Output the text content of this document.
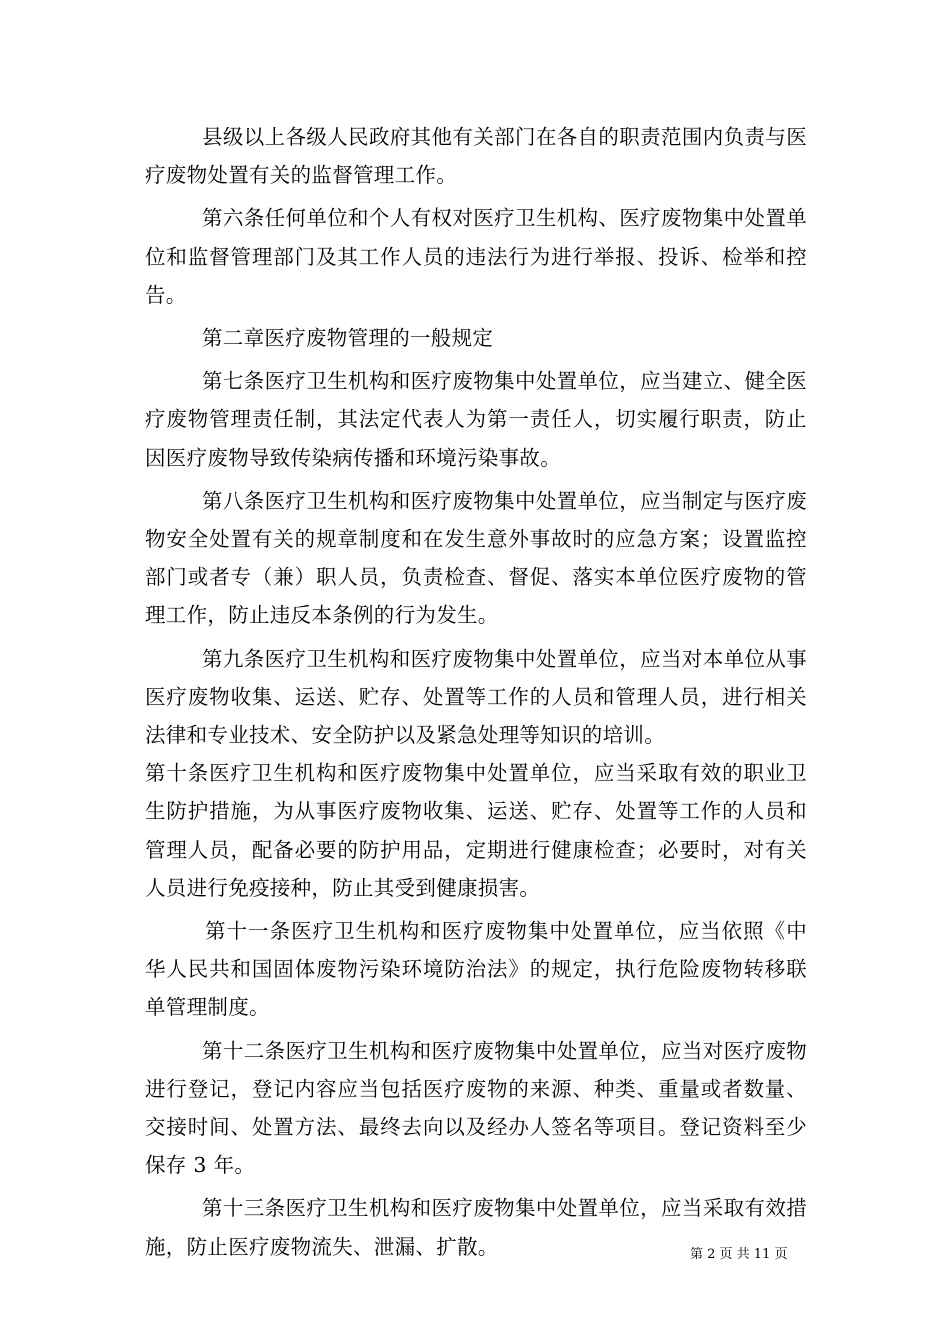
县级以上各级人民政府其他有关部门在各自的职责范围内负责与医疗废物处置有关的监督管理工作。

第六条任何单位和个人有权对医疗卫生机构、医疗废物集中处置单位和监督管理部门及其工作人员的违法行为进行举报、投诉、检举和控告。

第二章医疗废物管理的一般规定

第七条医疗卫生机构和医疗废物集中处置单位，应当建立、健全医疗废物管理责任制，其法定代表人为第一责任人，切实履行职责，防止因医疗废物导致传染病传播和环境污染事故。

第八条医疗卫生机构和医疗废物集中处置单位，应当制定与医疗废物安全处置有关的规章制度和在发生意外事故时的应急方案；设置监控部门或者专（兼）职人员，负责检查、督促、落实本单位医疗废物的管理工作，防止违反本条例的行为发生。

第九条医疗卫生机构和医疗废物集中处置单位，应当对本单位从事医疗废物收集、运送、贮存、处置等工作的人员和管理人员，进行相关法律和专业技术、安全防护以及紧急处理等知识的培训。

第十条医疗卫生机构和医疗废物集中处置单位，应当采取有效的职业卫生防护措施，为从事医疗废物收集、运送、贮存、处置等工作的人员和管理人员，配备必要的防护用品，定期进行健康检查；必要时，对有关人员进行免疫接种，防止其受到健康损害。

第十一条医疗卫生机构和医疗废物集中处置单位，应当依照《中华人民共和国固体废物污染环境防治法》的规定，执行危险废物转移联单管理制度。

第十二条医疗卫生机构和医疗废物集中处置单位，应当对医疗废物进行登记，登记内容应当包括医疗废物的来源、种类、重量或者数量、交接时间、处置方法、最终去向以及经办人签名等项目。登记资料至少保存 3 年。

第十三条医疗卫生机构和医疗废物集中处置单位，应当采取有效措施，防止医疗废物流失、泄漏、扩散。	第 2 页 共 11 页
